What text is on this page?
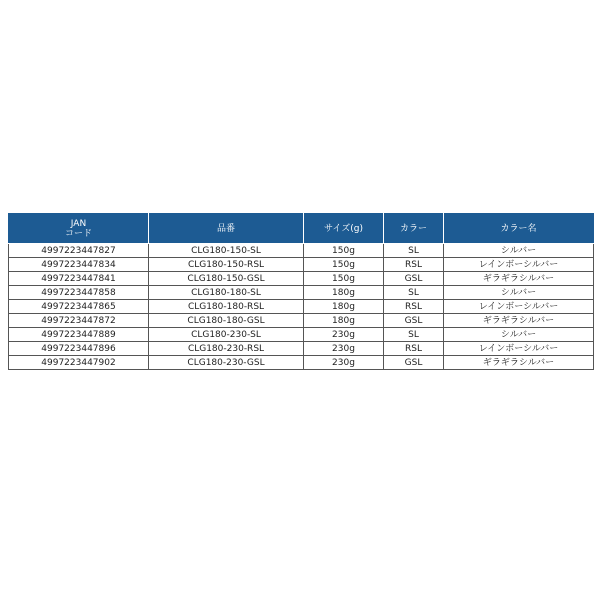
JAN
コード	品番	サイズ(g)	カラー	カラー名
4997223447827	CLG180-150-SL	150g	SL	シルバー
4997223447834	CLG180-150-RSL	150g	RSL	レインボーシルバー
4997223447841	CLG180-150-GSL	150g	GSL	ギラギラシルバー
4997223447858	CLG180-180-SL	180g	SL	シルバー
4997223447865	CLG180-180-RSL	180g	RSL	レインボーシルバー
4997223447872	CLG180-180-GSL	180g	GSL	ギラギラシルバー
4997223447889	CLG180-230-SL	230g	SL	シルバー
4997223447896	CLG180-230-RSL	230g	RSL	レインボーシルバー
4997223447902	CLG180-230-GSL	230g	GSL	ギラギラシルバー
